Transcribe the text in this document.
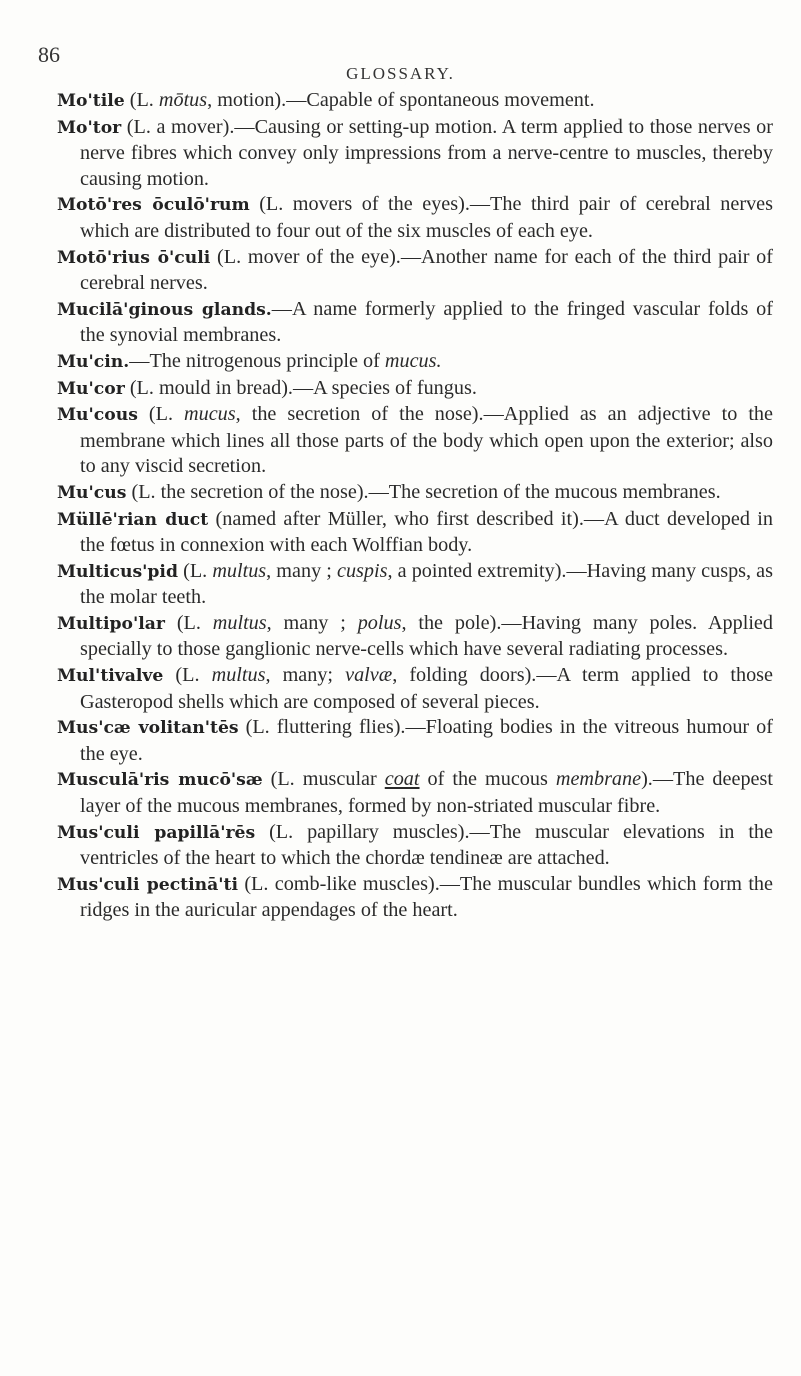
86
GLOSSARY.

Mo'tile (L. mōtus, motion).—Capable of spontaneous movement.

Mo'tor (L. a mover).—Causing or setting-up motion. A term applied to those nerves or nerve fibres which convey only impressions from a nerve-centre to muscles, thereby causing motion.

Motō'res ōculō'rum (L. movers of the eyes).—The third pair of cerebral nerves which are distributed to four out of the six muscles of each eye.

Motō'rius ō'culi (L. mover of the eye).—Another name for each of the third pair of cerebral nerves.

Mucilā'ginous glands.—A name formerly applied to the fringed vascular folds of the synovial membranes.

Mu'cin.—The nitrogenous principle of mucus.

Mu'cor (L. mould in bread).—A species of fungus.

Mu'cous (L. mucus, the secretion of the nose).—Applied as an adjective to the membrane which lines all those parts of the body which open upon the exterior; also to any viscid secretion.

Mu'cus (L. the secretion of the nose).—The secretion of the mucous membranes.

Müllē'rian duct (named after Müller, who first described it).—A duct developed in the fœtus in connexion with each Wolffian body.

Multicus'pid (L. multus, many ; cuspis, a pointed extremity).—Having many cusps, as the molar teeth.

Multipo'lar (L. multus, many ; polus, the pole).—Having many poles. Applied specially to those ganglionic nerve-cells which have several radiating processes.

Mul'tivalve (L. multus, many; valvæ, folding doors).—A term applied to those Gasteropod shells which are composed of several pieces.

Mus'cæ volitan'tēs (L. fluttering flies).—Floating bodies in the vitreous humour of the eye.

Musculā'ris mucō'sæ (L. muscular coat of the mucous membrane).—The deepest layer of the mucous membranes, formed by non-striated muscular fibre.

Mus'culi papillā'rēs (L. papillary muscles).—The muscular elevations in the ventricles of the heart to which the chordæ tendineæ are attached.

Mus'culi pectinā'ti (L. comb-like muscles).—The muscular bundles which form the ridges in the auricular appendages of the heart.
